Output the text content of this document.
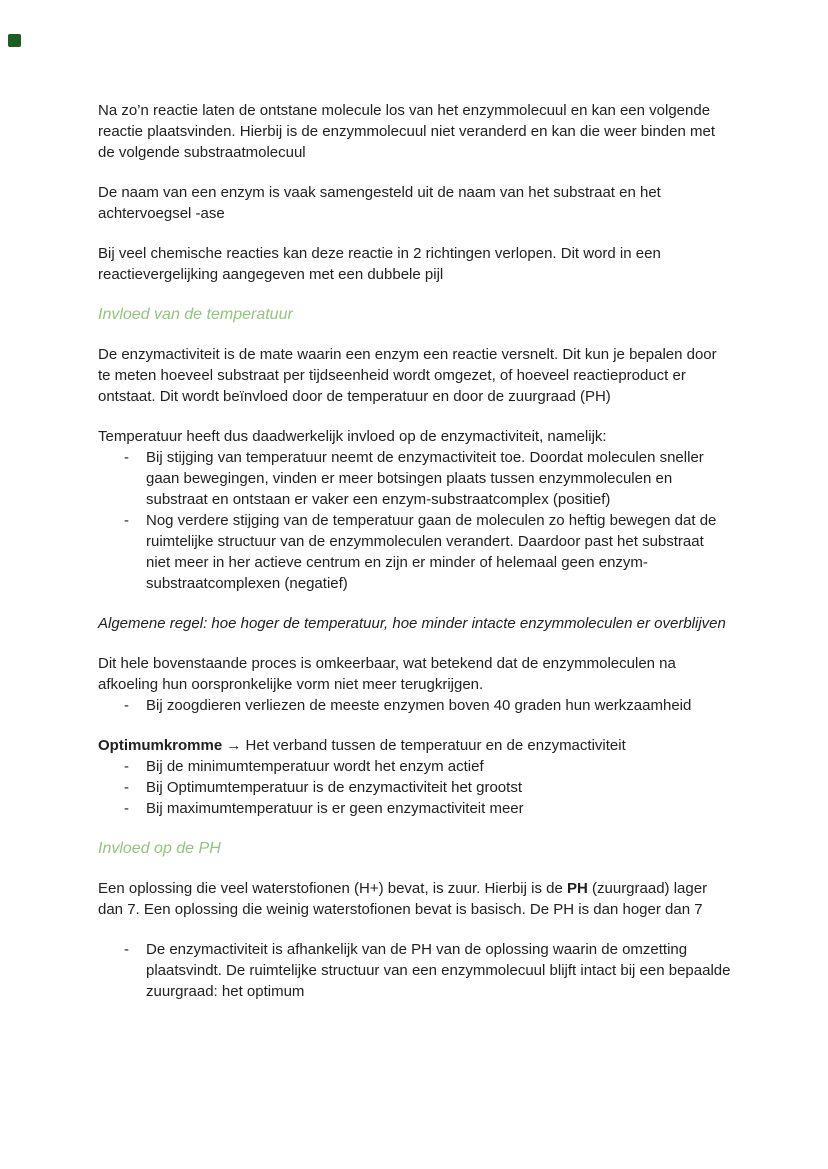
Na zo’n reactie laten de ontstane molecule los van het enzymmolecuul en kan een volgende reactie plaatsvinden. Hierbij is de enzymmolecuul niet veranderd en kan die weer binden met de volgende substraatmolecuul
De naam van een enzym is vaak samengesteld uit de naam van het substraat en het achtervoegsel -ase
Bij veel chemische reacties kan deze reactie in 2 richtingen verlopen. Dit word in een reactievergelijking aangegeven met een dubbele pijl
Invloed van de temperatuur
De enzymactiviteit is de mate waarin een enzym een reactie versnelt. Dit kun je bepalen door te meten hoeveel substraat per tijdseenheid wordt omgezet, of hoeveel reactieproduct er ontstaat. Dit wordt beïnvloed door de temperatuur en door de zuurgraad (PH)
Temperatuur heeft dus daadwerkelijk invloed op de enzymactiviteit, namelijk:
- Bij stijging van temperatuur neemt de enzymactiviteit toe. Doordat moleculen sneller gaan bewegingen, vinden er meer botsingen plaats tussen enzymmoleculen en substraat en ontstaan er vaker een enzym-substraatcomplex (positief)
- Nog verdere stijging van de temperatuur gaan de moleculen zo heftig bewegen dat de ruimtelijke structuur van de enzymmoleculen verandert. Daardoor past het substraat niet meer in her actieve centrum en zijn er minder of helemaal geen enzym-substraatcomplexen (negatief)
Algemene regel: hoe hoger de temperatuur, hoe minder intacte enzymmoleculen er overblijven
Dit hele bovenstaande proces is omkeerbaar, wat betekend dat de enzymmoleculen na afkoeling hun oorspronkelijke vorm niet meer terugkrijgen.
- Bij zoogdieren verliezen de meeste enzymen boven 40 graden hun werkzaamheid
Optimumkromme → Het verband tussen de temperatuur en de enzymactiviteit
- Bij de minimumtemperatuur wordt het enzym actief
- Bij Optimumtemperatuur is de enzymactiviteit het grootst
- Bij maximumtemperatuur is er geen enzymactiviteit meer
Invloed op de PH
Een oplossing die veel waterstofionen (H+) bevat, is zuur. Hierbij is de PH (zuurgraad) lager dan 7. Een oplossing die weinig waterstofionen bevat is basisch. De PH is dan hoger dan 7
- De enzymactiviteit is afhankelijk van de PH van de oplossing waarin de omzetting plaatsvindt. De ruimtelijke structuur van een enzymmolecuul blijft intact bij een bepaalde zuurgraad: het optimum
